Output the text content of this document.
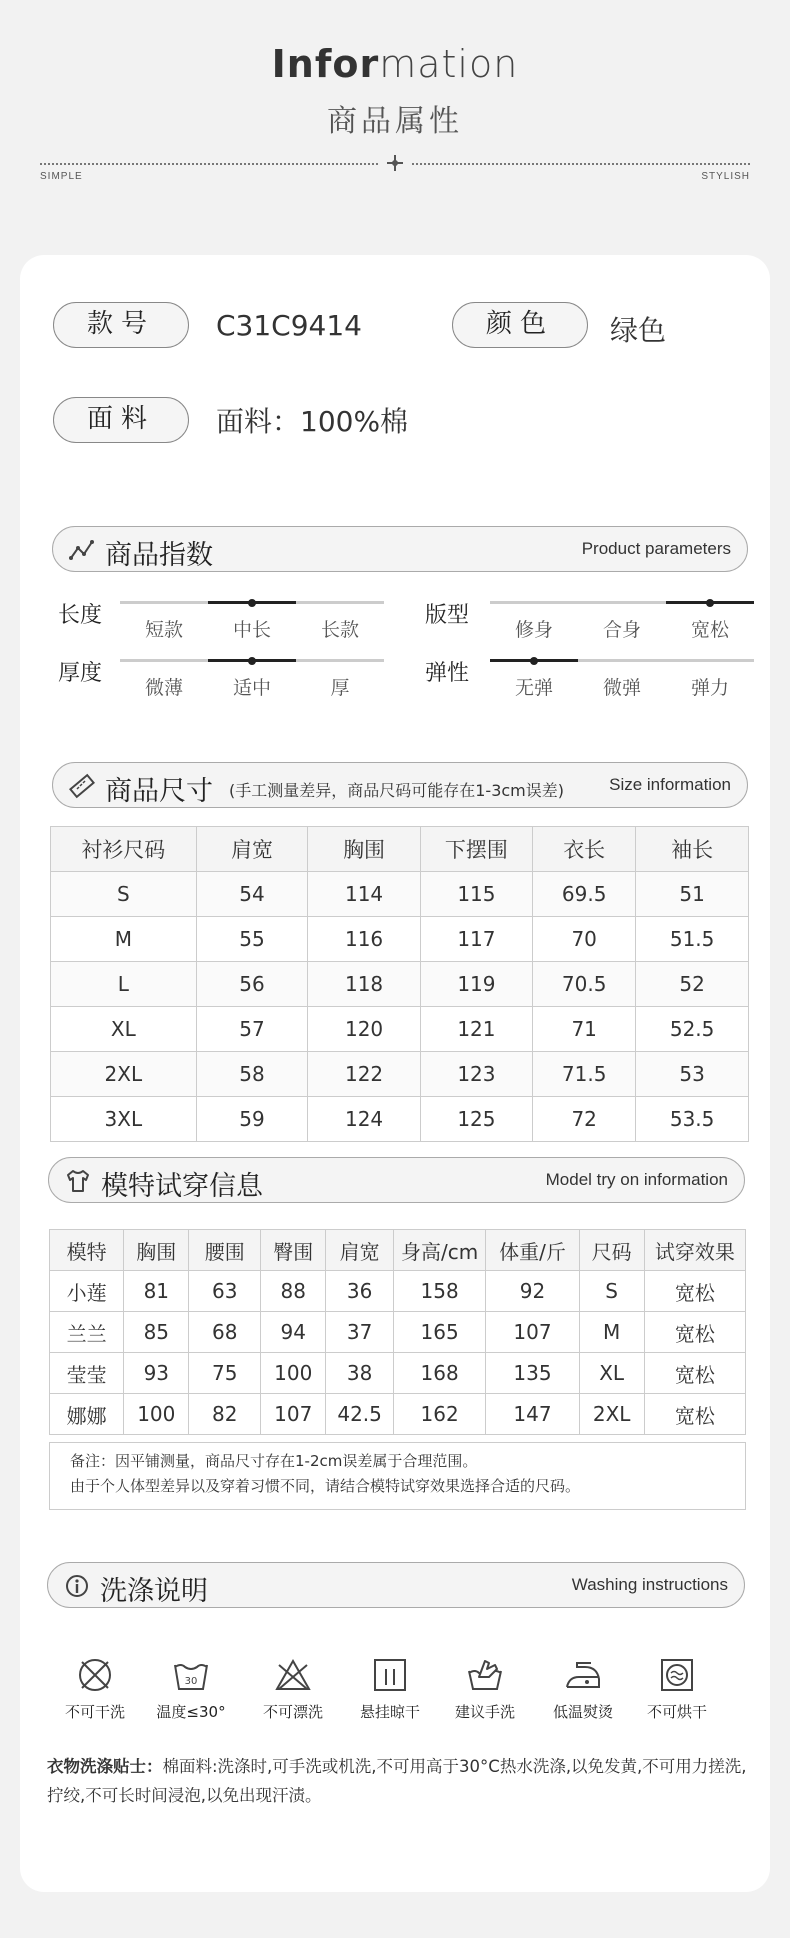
Information
商品属性
SIMPLE	STYLISH
款号	C31C9414	颜色	绿色
面料	面料：100%棉
商品指数	Product parameters
长度
短款	中长	长款
版型
修身	合身	宽松
厚度
微薄	适中	厚
弹性
无弹	微弹	弹力
商品尺寸 (手工测量差异，商品尺码可能存在1-3cm误差)	Size information
衬衫尺码	肩宽	胸围	下摆围	衣长	袖长
S	54	114	115	69.5	51
M	55	116	117	70	51.5
L	56	118	119	70.5	52
XL	57	120	121	71	52.5
2XL	58	122	123	71.5	53
3XL	59	124	125	72	53.5
模特试穿信息	Model try on information
模特	胸围	腰围	臀围	肩宽	身高/cm	体重/斤	尺码	试穿效果
小莲	81	63	88	36	158	92	S	宽松
兰兰	85	68	94	37	165	107	M	宽松
莹莹	93	75	100	38	168	135	XL	宽松
娜娜	100	82	107	42.5	162	147	2XL	宽松
备注：因平铺测量，商品尺寸存在1-2cm误差属于合理范围。
由于个人体型差异以及穿着习惯不同，请结合模特试穿效果选择合适的尺码。
洗涤说明	Washing instructions
不可干洗
30
温度≤30°	不可漂洗	悬挂晾干	建议手洗	低温熨烫	不可烘干
衣物洗涤贴士：棉面料:洗涤时,可手洗或机洗,不可用高于30°C热水洗涤,以免发黄,不可用力搓洗,拧绞,不可长时间浸泡,以免出现汗渍。
